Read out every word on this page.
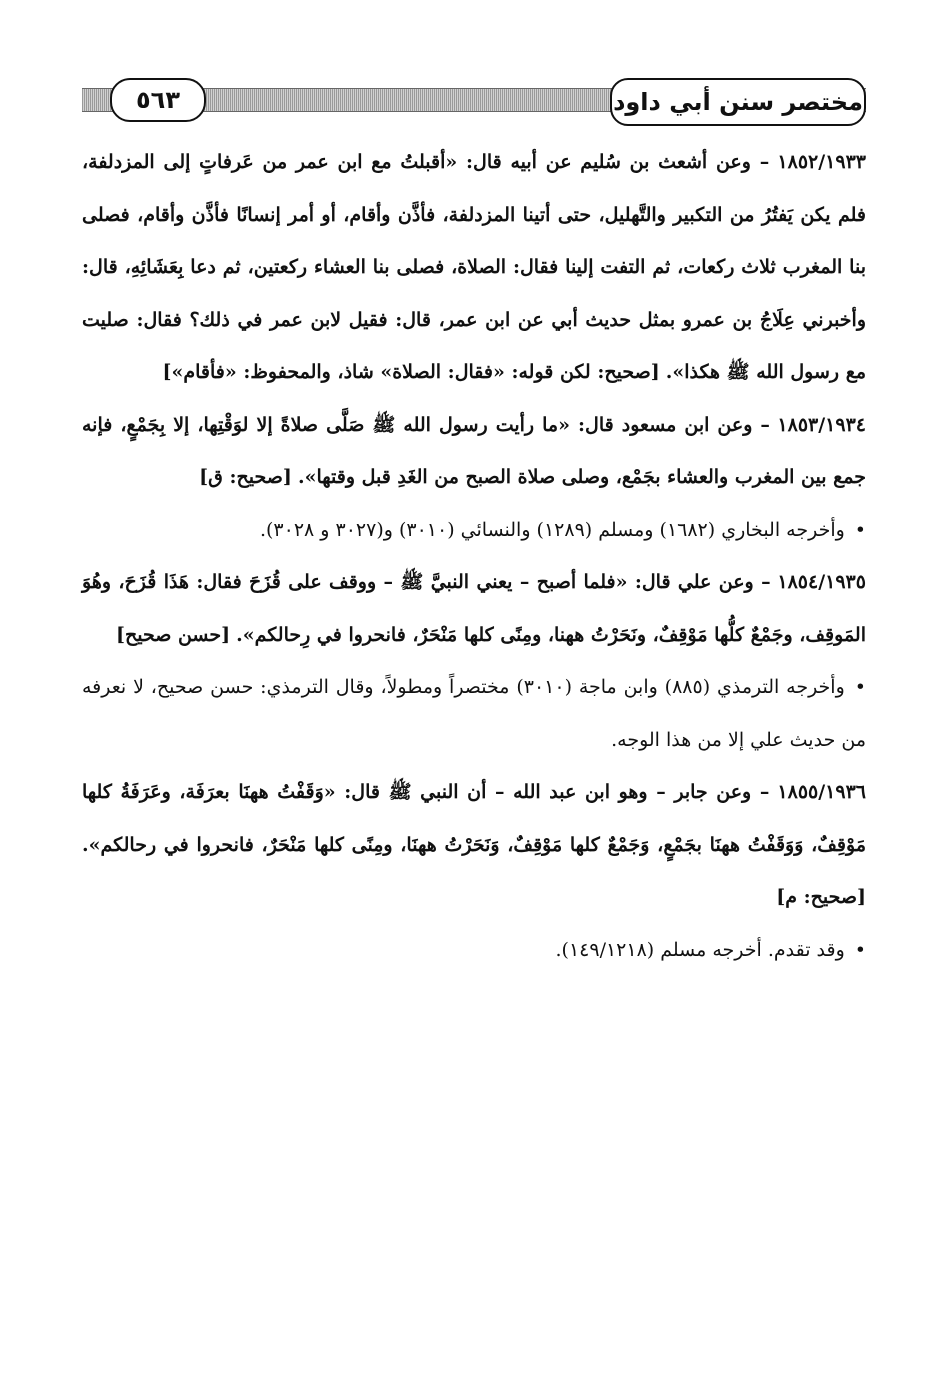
مختصر سنن أبي داود
٥٦٣

١٨٥٢/١٩٣٣ – وعن أشعث بن سُليم عن أبيه قال: «أقبلتُ مع ابن عمر من عَرفاتٍ إلى المزدلفة، فلم يكن يَفتُرُ من التكبير والتَّهليل، حتى أتينا المزدلفة، فأذَّن وأقام، أو أمر إنسانًا فأذَّن وأقام، فصلى بنا المغرب ثلاث ركعات، ثم التفت إلينا فقال: الصلاة، فصلى بنا العشاء ركعتين، ثم دعا بِعَشَائِهِ، قال: وأخبرني عِلَاجُ بن عمرو بمثل حديث أبي عن ابن عمر، قال: فقيل لابن عمر في ذلك؟ فقال: صليت مع رسول الله ﷺ هكذا». [صحيح: لكن قوله: «فقال: الصلاة» شاذ، والمحفوظ: «فأقام»]

١٨٥٣/١٩٣٤ – وعن ابن مسعود قال: «ما رأيت رسول الله ﷺ صَلَّى صلاةً إلا لوَقْتِها، إلا بِجَمْعٍ، فإنه جمع بين المغرب والعشاء بجَمْع، وصلى صلاة الصبح من الغَدِ قبل وقتها». [صحيح: ق]

•وأخرجه البخاري (١٦٨٢) ومسلم (١٢٨٩) والنسائي (٣٠١٠) و(٣٠٢٧ و ٣٠٢٨).

١٨٥٤/١٩٣٥ – وعن علي قال: «فلما أصبح – يعني النبيَّ ﷺ – ووقف على قُزَحَ فقال: هَذَا قُزَحَ، وهُوَ المَوقِف، وجَمْعٌ كلُّها مَوْقِفٌ، ونَحَرْتُ ههنا، ومِنًى كلها مَنْحَرٌ، فانحروا في رِحالكم». [حسن صحيح]

•وأخرجه الترمذي (٨٨٥) وابن ماجة (٣٠١٠) مختصراً ومطولاً، وقال الترمذي: حسن صحيح، لا نعرفه من حديث علي إلا من هذا الوجه.

١٨٥٥/١٩٣٦ – وعن جابر – وهو ابن عبد الله – أن النبي ﷺ قال: «وَقَفْتُ ههنَا بعرَفَة، وعَرَفَةُ كلها مَوْقِفٌ، وَوَقَفْتُ ههنَا بجَمْعٍ، وَجَمْعٌ كلها مَوْقِفٌ، وَنَحَرْتُ ههنَا، ومِنًى كلها مَنْحَرٌ، فانحروا في رحالكم». [صحيح: م]

•وقد تقدم. أخرجه مسلم (١٤٩/١٢١٨).
